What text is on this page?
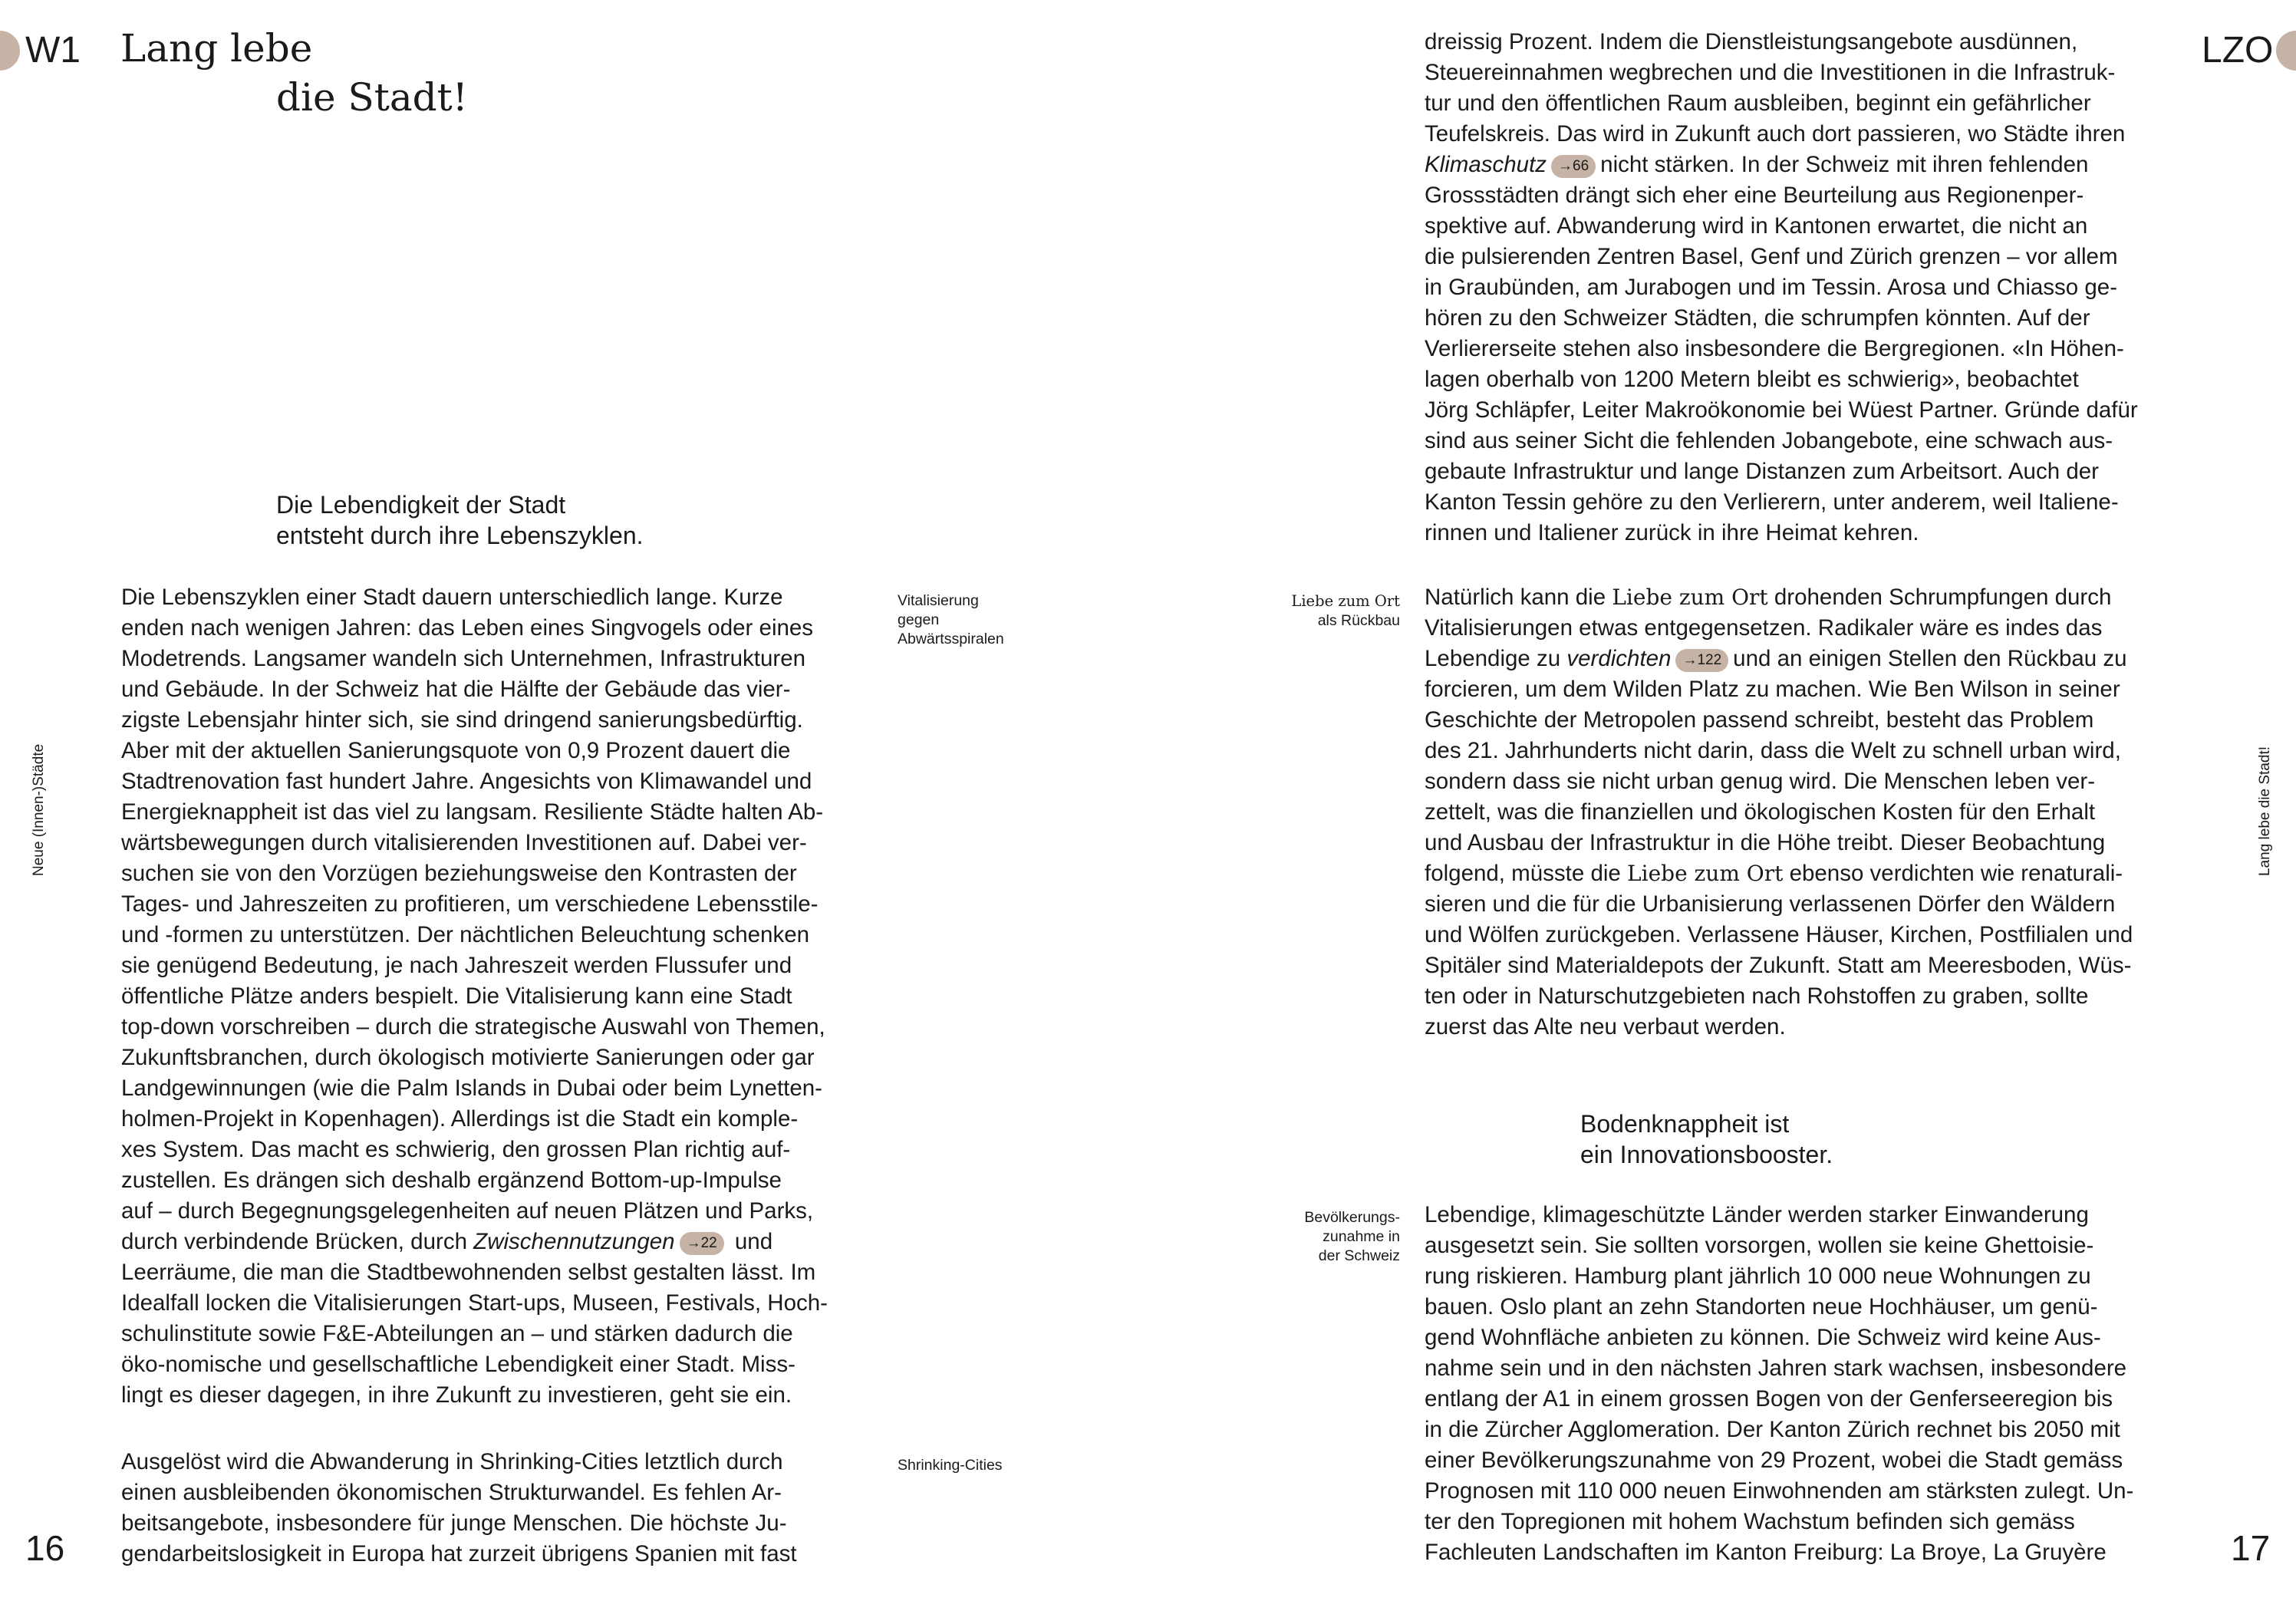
W1 Lang lebe
die Stadt!
Die Lebendigkeit der Stadt
entsteht durch ihre Lebenszyklen.
Neue (Innen-)Städte
Vitalisierung
gegen
Abwärtsspiralen
Shrinking-Cities

Die Lebenszyklen einer Stadt dauern unterschiedlich lange. Kurze

enden nach wenigen Jahren: das Leben eines Singvogels oder eines

Modetrends. Langsamer wandeln sich Unternehmen, Infrastrukturen

und Gebäude. In der Schweiz hat die Hälfte der Gebäude das vier-

zigste Lebensjahr hinter sich, sie sind dringend sanierungsbedürftig.

Aber mit der aktuellen Sanierungsquote von 0,9 Prozent dauert die

Stadtrenovation fast hundert Jahre. Angesichts von Klimawandel und

Energieknappheit ist das viel zu langsam. Resiliente Städte halten Ab-

wärtsbewegungen durch vitalisierenden Investitionen auf. Dabei ver-

suchen sie von den Vorzügen beziehungsweise den Kontrasten der

Tages- und Jahreszeiten zu profitieren, um verschiedene Lebensstile-

und -formen zu unterstützen. Der nächtlichen Beleuchtung schenken

sie genügend Bedeutung, je nach Jahreszeit werden Flussufer und

öffentliche Plätze anders bespielt. Die Vitalisierung kann eine Stadt

top-down vorschreiben – durch die strategische Auswahl von Themen,

Zukunftsbranchen, durch ökologisch motivierte Sanierungen oder gar

Landgewinnungen (wie die Palm Islands in Dubai oder beim Lynetten-

holmen-Projekt in Kopenhagen). Allerdings ist die Stadt ein komple-

xes System. Das macht es schwierig, den grossen Plan richtig auf-

zustellen. Es drängen sich deshalb ergänzend Bottom-up-Impulse

auf – durch Begegnungsgelegenheiten auf neuen Plätzen und Parks,

durch verbindende Brücken, durch Zwischennutzungen →22 und

Leerräume, die man die Stadtbewohnenden selbst gestalten lässt. Im

Idealfall locken die Vitalisierungen Start-ups, Museen, Festivals, Hoch-

schulinstitute sowie F&E-Abteilungen an – und stärken dadurch die

öko-nomische und gesellschaftliche Lebendigkeit einer Stadt. Miss-

lingt es dieser dagegen, in ihre Zukunft zu investieren, geht sie ein.

Ausgelöst wird die Abwanderung in Shrinking-Cities letztlich durch

einen ausbleibenden ökonomischen Strukturwandel. Es fehlen Ar-

beitsangebote, insbesondere für junge Menschen. Die höchste Ju-

gendarbeitslosigkeit in Europa hat zurzeit übrigens Spanien mit fast

16
LZO
Lang lebe die Stadt!

dreissig Prozent. Indem die Dienstleistungsangebote ausdünnen,

Steuereinnahmen wegbrechen und die Investitionen in die Infrastruk-

tur und den öffentlichen Raum ausbleiben, beginnt ein gefährlicher

Teufelskreis. Das wird in Zukunft auch dort passieren, wo Städte ihren

Klimaschutz →66 nicht stärken. In der Schweiz mit ihren fehlenden

Grossstädten drängt sich eher eine Beurteilung aus Regionenper-

spektive auf. Abwanderung wird in Kantonen erwartet, die nicht an

die pulsierenden Zentren Basel, Genf und Zürich grenzen – vor allem

in Graubünden, am Jurabogen und im Tessin. Arosa und Chiasso ge-

hören zu den Schweizer Städten, die schrumpfen könnten. Auf der

Verliererseite stehen also insbesondere die Bergregionen. «In Höhen-

lagen oberhalb von 1200 Metern bleibt es schwierig», beobachtet

Jörg Schläpfer, Leiter Makroökonomie bei Wüest Partner. Gründe dafür

sind aus seiner Sicht die fehlenden Jobangebote, eine schwach aus-

gebaute Infrastruktur und lange Distanzen zum Arbeitsort. Auch der

Kanton Tessin gehöre zu den Verlierern, unter anderem, weil Italiene-

rinnen und Italiener zurück in ihre Heimat kehren.

Liebe zum Ort
als Rückbau

Natürlich kann die Liebe zum Ort drohenden Schrumpfungen durch

Vitalisierungen etwas entgegensetzen. Radikaler wäre es indes das

Lebendige zu verdichten →122 und an einigen Stellen den Rückbau zu

forcieren, um dem Wilden Platz zu machen. Wie Ben Wilson in seiner

Geschichte der Metropolen passend schreibt, besteht das Problem

des 21. Jahrhunderts nicht darin, dass die Welt zu schnell urban wird,

sondern dass sie nicht urban genug wird. Die Menschen leben ver-

zettelt, was die finanziellen und ökologischen Kosten für den Erhalt

und Ausbau der Infrastruktur in die Höhe treibt. Dieser Beobachtung

folgend, müsste die Liebe zum Ort ebenso verdichten wie renaturali-

sieren und die für die Urbanisierung verlassenen Dörfer den Wäldern

und Wölfen zurückgeben. Verlassene Häuser, Kirchen, Postfilialen und

Spitäler sind Materialdepots der Zukunft. Statt am Meeresboden, Wüs-

ten oder in Naturschutzgebieten nach Rohstoffen zu graben, sollte

zuerst das Alte neu verbaut werden.

Bodenknappheit ist
ein Innovationsbooster.
Bevölkerungs-
zunahme in
der Schweiz

Lebendige, klimageschützte Länder werden starker Einwanderung

ausgesetzt sein. Sie sollten vorsorgen, wollen sie keine Ghettoisie-

rung riskieren. Hamburg plant jährlich 10 000 neue Wohnungen zu

bauen. Oslo plant an zehn Standorten neue Hochhäuser, um genü-

gend Wohnfläche anbieten zu können. Die Schweiz wird keine Aus-

nahme sein und in den nächsten Jahren stark wachsen, insbesondere

entlang der A1 in einem grossen Bogen von der Genferseeregion bis

in die Zürcher Agglomeration. Der Kanton Zürich rechnet bis 2050 mit

einer Bevölkerungszunahme von 29 Prozent, wobei die Stadt gemäss

Prognosen mit 110 000 neuen Einwohnenden am stärksten zulegt. Un-

ter den Topregionen mit hohem Wachstum befinden sich gemäss

Fachleuten Landschaften im Kanton Freiburg: La Broye, La Gruyère	17
